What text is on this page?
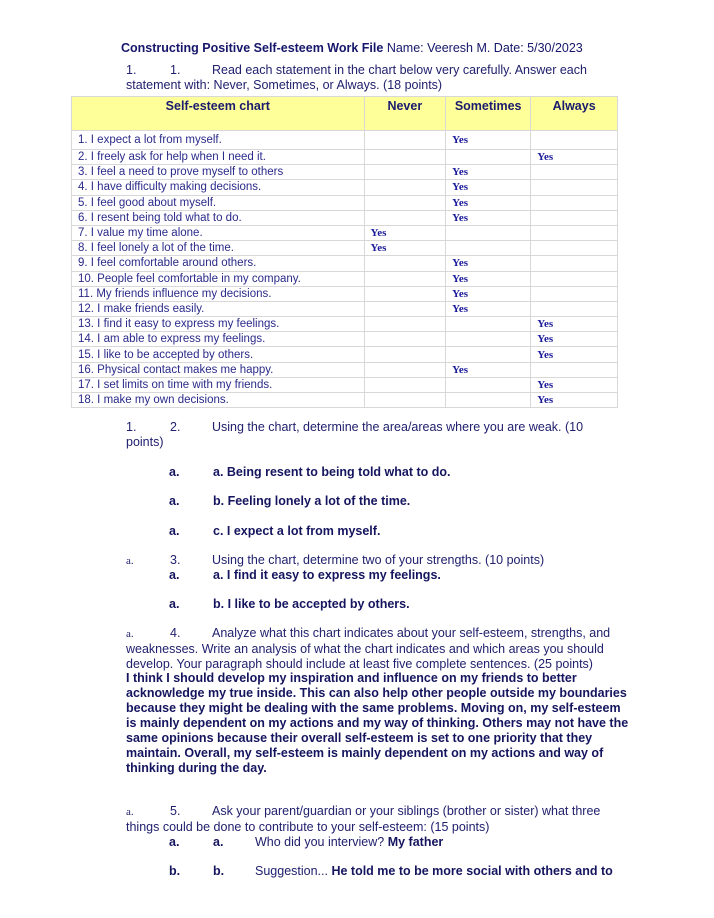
Constructing Positive Self-esteem Work File Name: Veeresh M. Date: 5/30/2023
1.	1.	Read each statement in the chart below very carefully. Answer each statement with: Never, Sometimes, or Always. (18 points)
Self-esteem chart	Never	Sometimes	Always
1. I expect a lot from myself.		Yes	
2. I freely ask for help when I need it.			Yes
3. I feel a need to prove myself to others		Yes	
4. I have difficulty making decisions.		Yes	
5. I feel good about myself.		Yes	
6. I resent being told what to do.		Yes	
7. I value my time alone.	Yes		
8. I feel lonely a lot of the time.	Yes		
9. I feel comfortable around others.		Yes	
10. People feel comfortable in my company.		Yes	
11. My friends influence my decisions.		Yes	
12. I make friends easily.		Yes	
13. I find it easy to express my feelings.			Yes
14. I am able to express my feelings.			Yes
15. I like to be accepted by others.			Yes
16. Physical contact makes me happy.		Yes	
17. I set limits on time with my friends.			Yes
18. I make my own decisions.			Yes
1.	2.	Using the chart, determine the area/areas where you are weak. (10 points)
a.	a. Being resent to being told what to do.
a.	b. Feeling lonely a lot of the time.
a.	c. I expect a lot from myself.
a.	3.	Using the chart, determine two of your strengths. (10 points)
a.	a. I find it easy to express my feelings.
a.	b. I like to be accepted by others.
a.	4.	Analyze what this chart indicates about your self-esteem, strengths, and weaknesses. Write an analysis of what the chart indicates and which areas you should develop. Your paragraph should include at least five complete sentences. (25 points)
I think I should develop my inspiration and influence on my friends to better acknowledge my true inside. This can also help other people outside my boundaries because they might be dealing with the same problems. Moving on, my self-esteem is mainly dependent on my actions and my way of thinking. Others may not have the same opinions because their overall self-esteem is set to one priority that they maintain. Overall, my self-esteem is mainly dependent on my actions and way of thinking during the day.
a.	5.	Ask your parent/guardian or your siblings (brother or sister) what three things could be done to contribute to your self-esteem: (15 points)
a.	a.	Who did you interview? My father
b.	b. Suggestion... He told me to be more social with others and to
